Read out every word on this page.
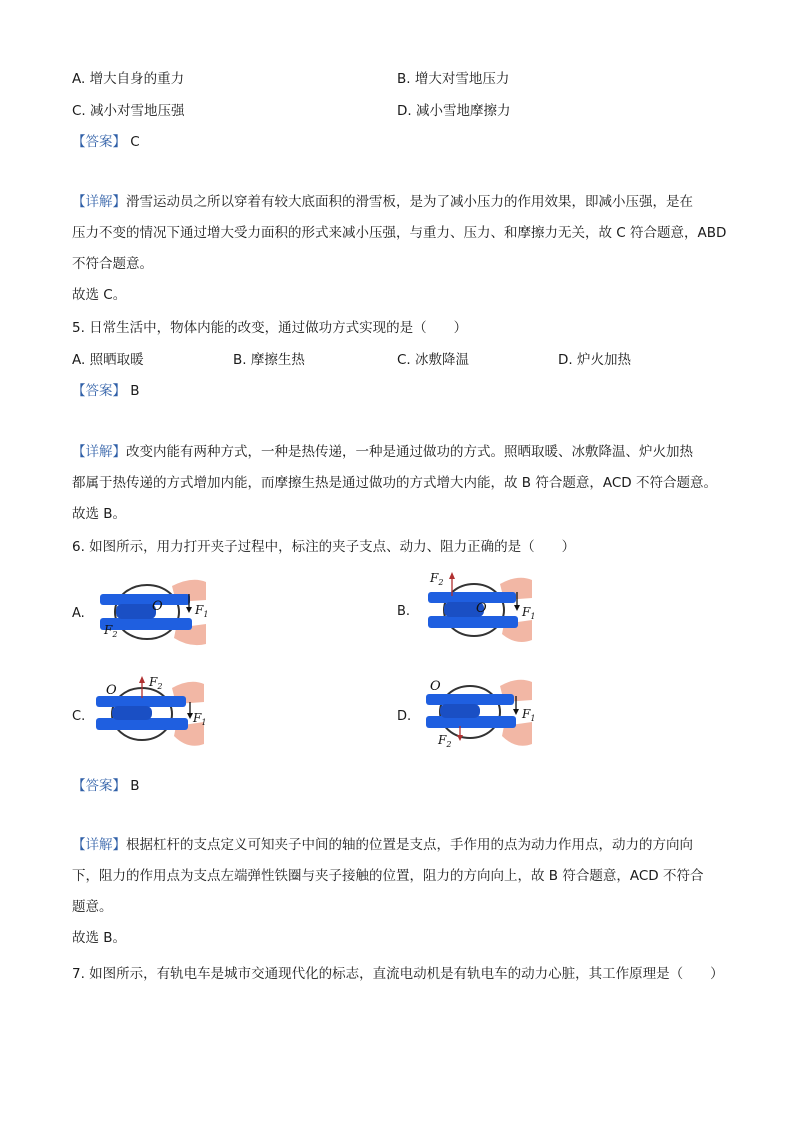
A. 增大自身的重力	B. 增大对雪地压力
C. 减小对雪地压强	D. 减小雪地摩擦力
【答案】 C
【详解】滑雪运动员之所以穿着有较大底面积的滑雪板，是为了减小压力的作用效果，即减小压强，是在
压力不变的情况下通过增大受力面积的形式来减小压强，与重力、压力、和摩擦力无关，故 C 符合题意，ABD
不符合题意。
故选 C。
5. 日常生活中，物体内能的改变，通过做功方式实现的是（　　）
A. 照晒取暖	B. 摩擦生热	C. 冰敷降温	D. 炉火加热
【答案】 B
【详解】改变内能有两种方式，一种是热传递，一种是通过做功的方式。照晒取暖、冰敷降温、炉火加热
都属于热传递的方式增加内能，而摩擦生热是通过做功的方式增大内能，故 B 符合题意，ACD 不符合题意。
故选 B。
6. 如图所示，用力打开夹子过程中，标注的夹子支点、动力、阻力正确的是（　　）
A.	B.
C.	D.
O	$F_1$
$F_2$
$F_2$
O	$F_1$
O
$F_2$
$F_1$
O
$F_2$
$F_1$
【答案】 B
【详解】根据杠杆的支点定义可知夹子中间的轴的位置是支点，手作用的点为动力作用点，动力的方向向
下，阻力的作用点为支点左端弹性铁圈与夹子接触的位置，阻力的方向向上，故 B 符合题意，ACD 不符合
题意。
故选 B。
7. 如图所示，有轨电车是城市交通现代化的标志，直流电动机是有轨电车的动力心脏，其工作原理是（　　）
